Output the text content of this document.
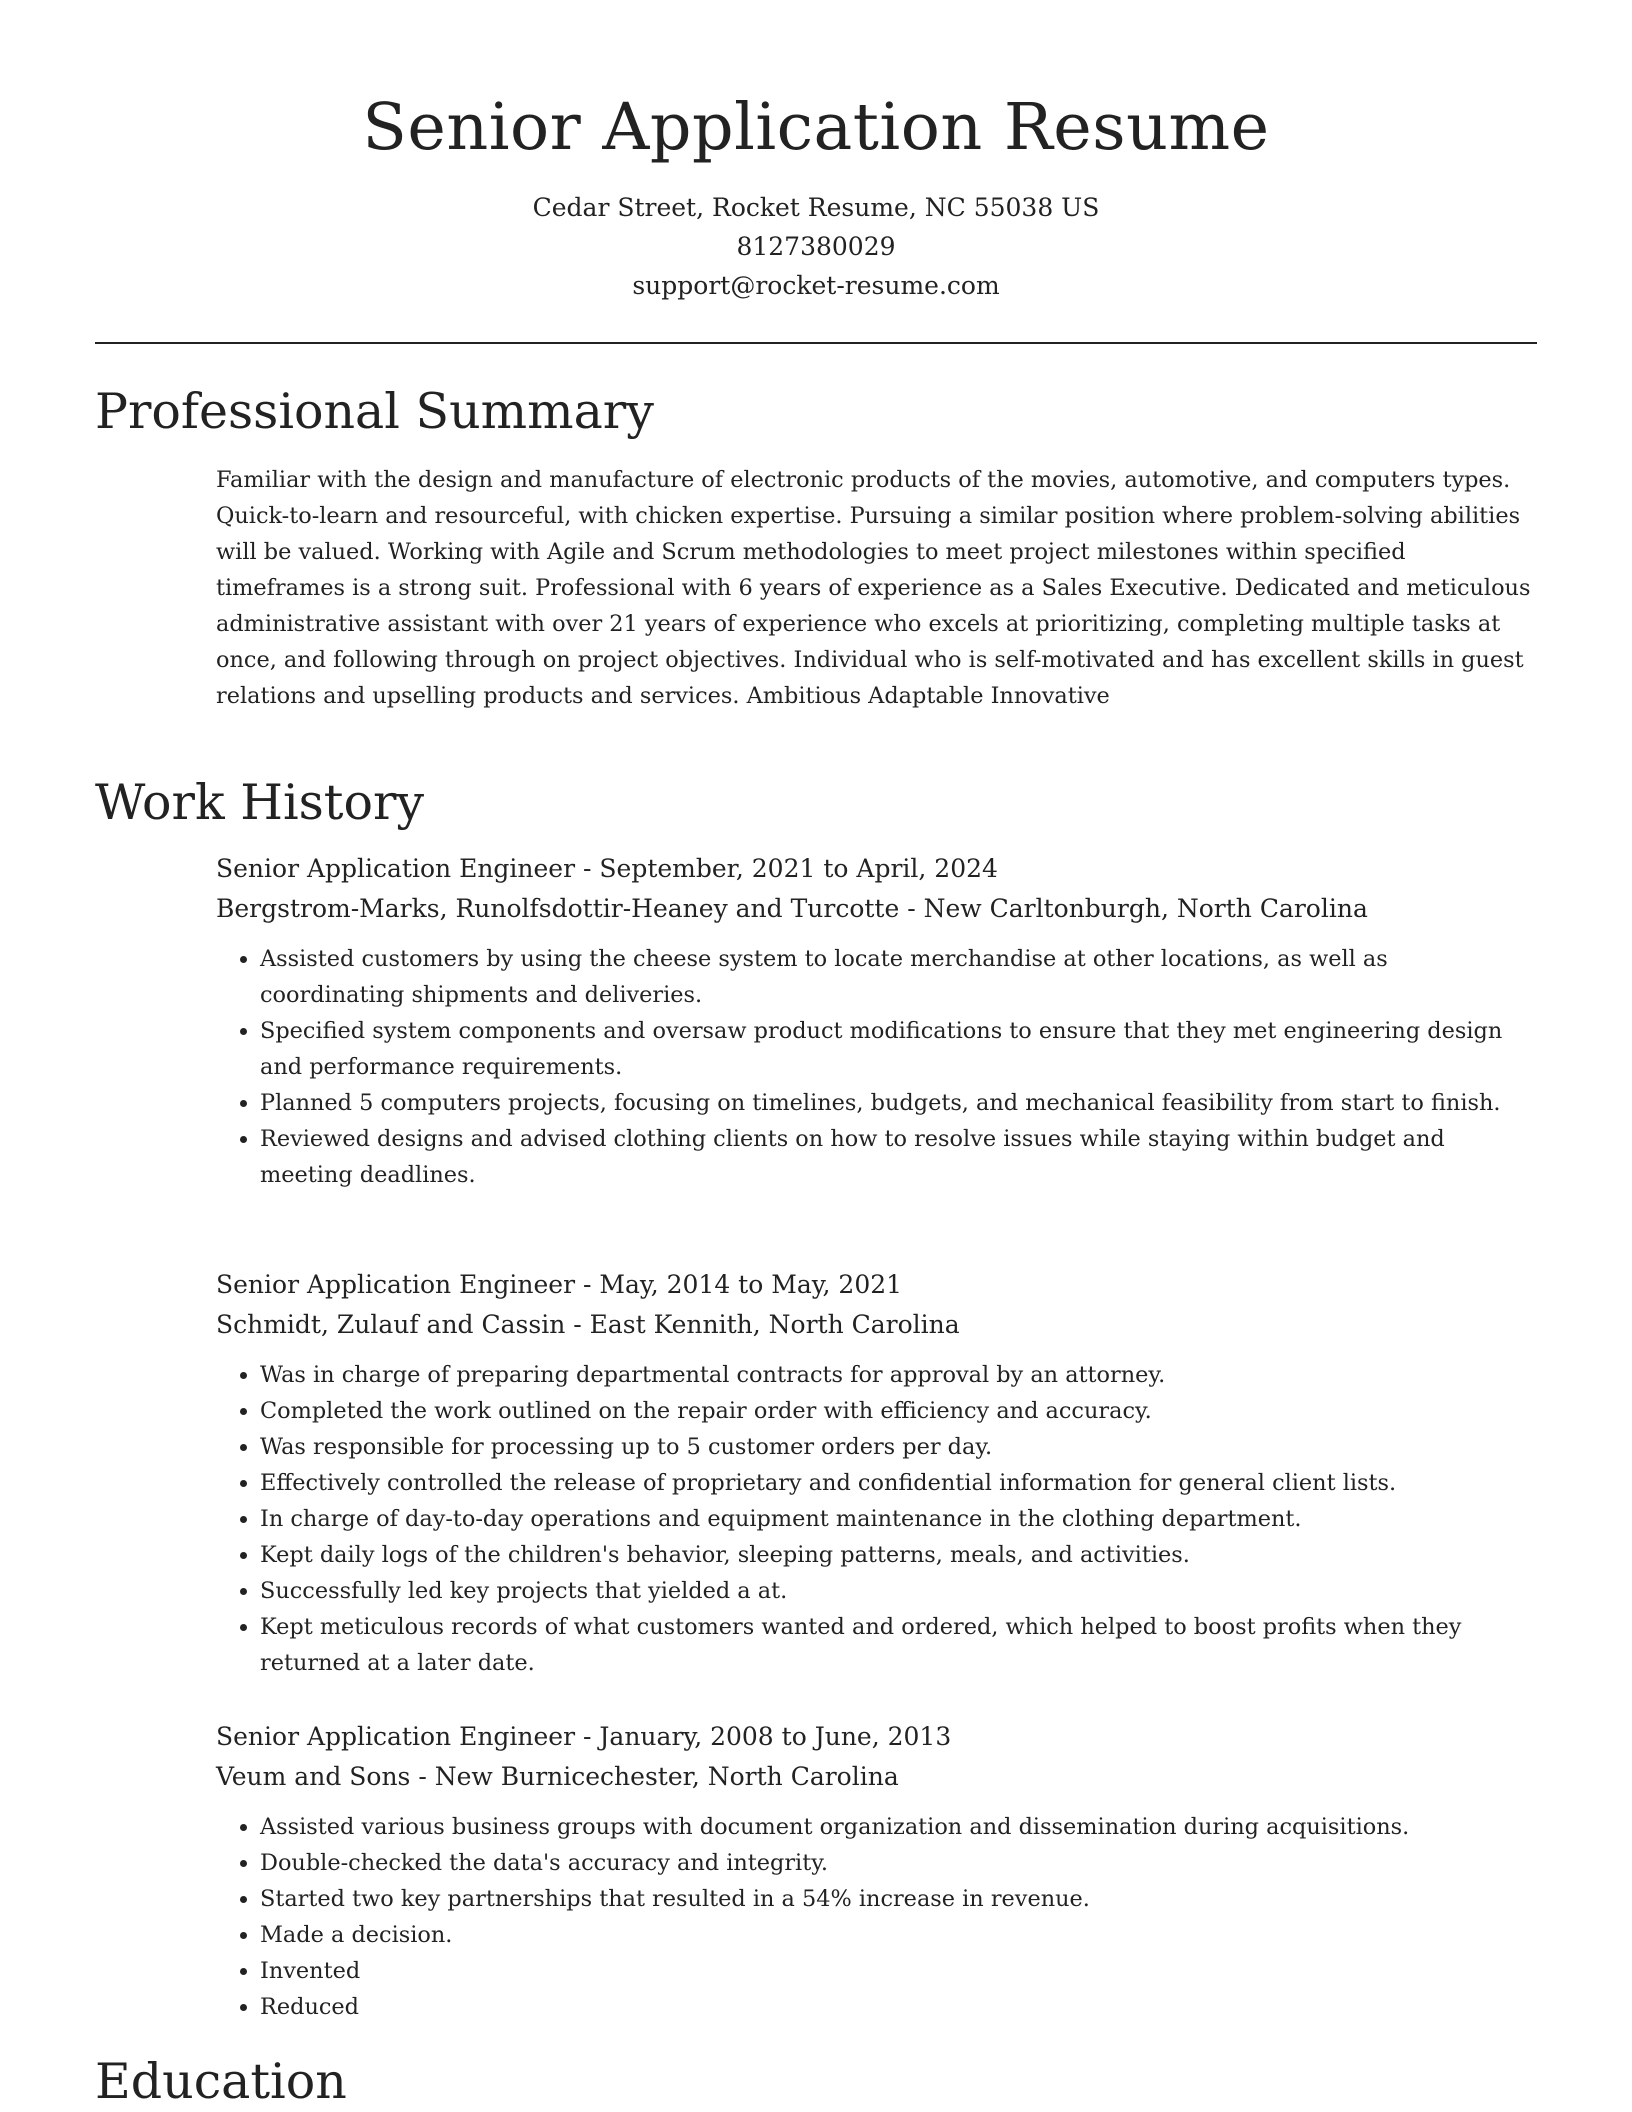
Senior Application Resume
Cedar Street, Rocket Resume, NC 55038 US
8127380029
support@rocket-resume.com
Professional Summary

Familiar with the design and manufacture of electronic products of the movies, automotive, and computers types. Quick-to-learn and resourceful, with chicken expertise. Pursuing a similar position where problem-solving abilities will be valued. Working with Agile and Scrum methodologies to meet project milestones within specified timeframes is a strong suit. Professional with 6 years of experience as a Sales Executive. Dedicated and meticulous administrative assistant with over 21 years of experience who excels at prioritizing, completing multiple tasks at once, and following through on project objectives. Individual who is self-motivated and has excellent skills in guest relations and upselling products and services. Ambitious Adaptable Innovative

Work History
Senior Application Engineer - September, 2021 to April, 2024
Bergstrom-Marks, Runolfsdottir-Heaney and Turcotte - New Carltonburgh, North Carolina
• Assisted customers by using the cheese system to locate merchandise at other locations, as well as coordinating shipments and deliveries.
• Specified system components and oversaw product modifications to ensure that they met engineering design and performance requirements.
• Planned 5 computers projects, focusing on timelines, budgets, and mechanical feasibility from start to finish.
• Reviewed designs and advised clothing clients on how to resolve issues while staying within budget and meeting deadlines.
Senior Application Engineer - May, 2014 to May, 2021
Schmidt, Zulauf and Cassin - East Kennith, North Carolina
• Was in charge of preparing departmental contracts for approval by an attorney.
• Completed the work outlined on the repair order with efficiency and accuracy.
• Was responsible for processing up to 5 customer orders per day.
• Effectively controlled the release of proprietary and confidential information for general client lists.
• In charge of day-to-day operations and equipment maintenance in the clothing department.
• Kept daily logs of the children's behavior, sleeping patterns, meals, and activities.
• Successfully led key projects that yielded a at.
• Kept meticulous records of what customers wanted and ordered, which helped to boost profits when they returned at a later date.
Senior Application Engineer - January, 2008 to June, 2013
Veum and Sons - New Burnicechester, North Carolina
• Assisted various business groups with document organization and dissemination during acquisitions.
• Double-checked the data's accuracy and integrity.
• Started two key partnerships that resulted in a 54% increase in revenue.
• Made a decision.
• Invented
• Reduced
Education
